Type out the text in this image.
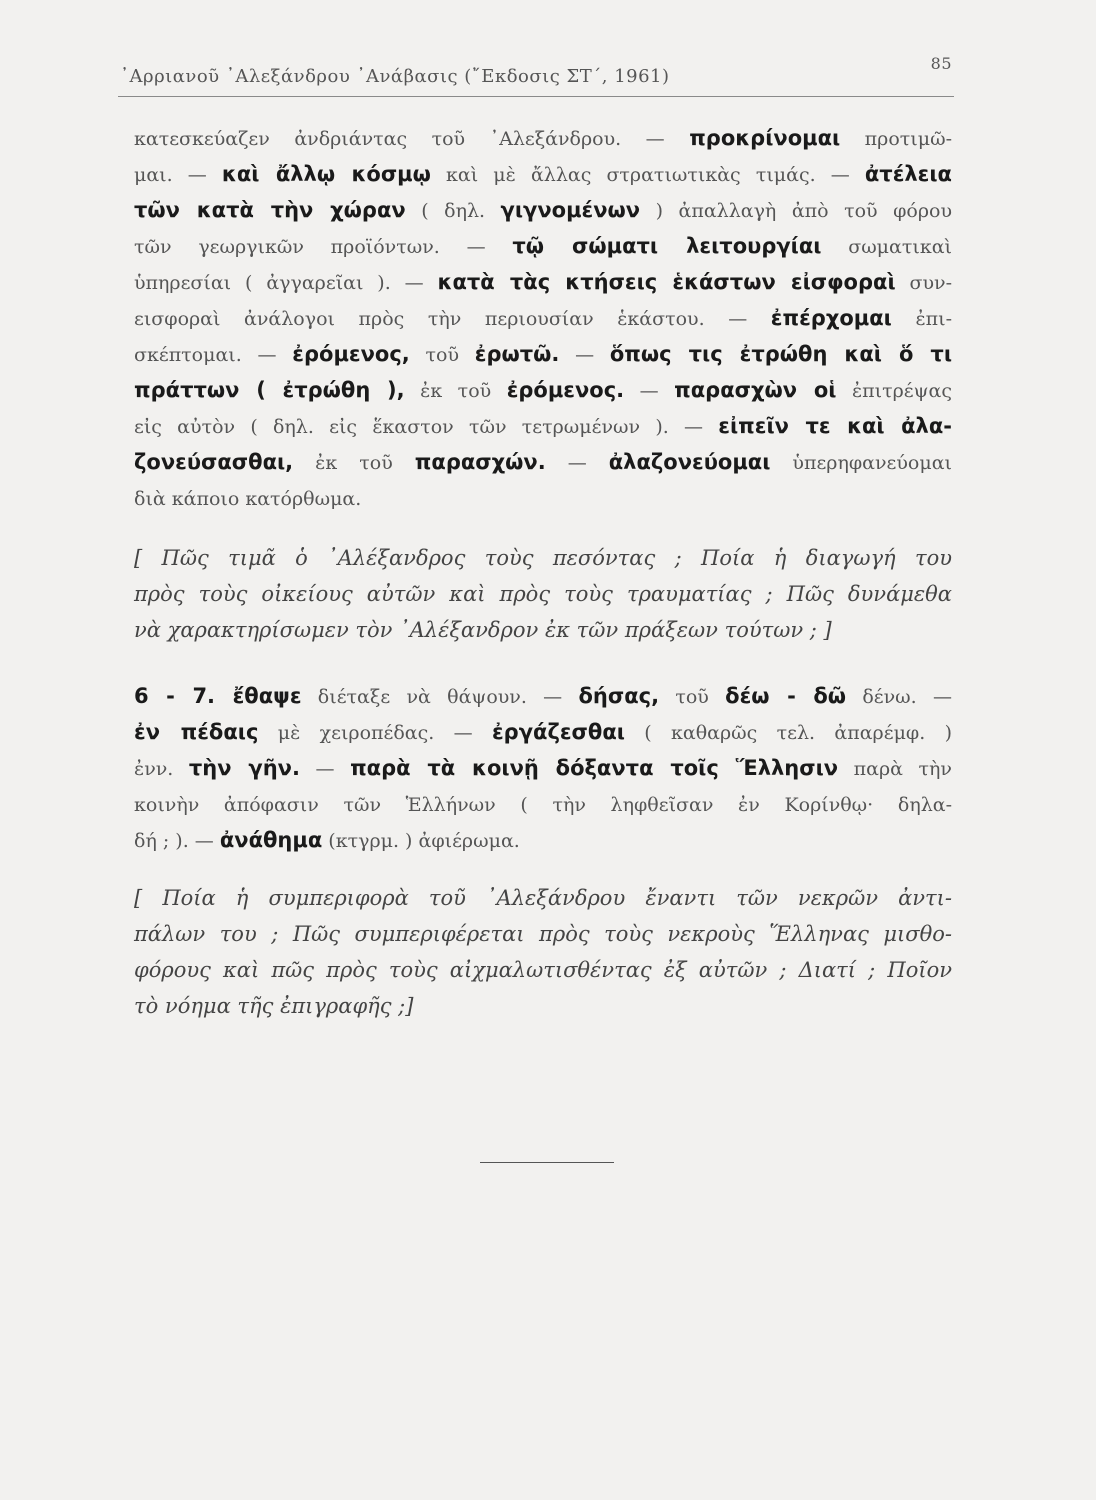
᾿Αρριανοῦ ᾿Αλεξάνδρου ᾿Ανάβασις (῎Εκδοσις ΣΤ΄, 1961)
85
κατεσκεύαζεν ἀνδριάντας τοῦ ᾿Αλεξάνδρου. — προκρίνομαι προτιμῶ-
μαι. — καὶ ἄλλῳ κόσμῳ καὶ μὲ ἄλλας στρατιωτικὰς τιμάς. — ἀτέλεια
τῶν κατὰ τὴν χώραν ( δηλ. γιγνομένων ) ἀπαλλαγὴ ἀπὸ τοῦ φόρου
τῶν γεωργικῶν προϊόντων. — τῷ σώματι λειτουργίαι σωματικαὶ
ὑπηρεσίαι ( ἀγγαρεῖαι ). — κατὰ τὰς κτήσεις ἑκάστων εἰσφοραὶ συν-
εισφοραὶ ἀνάλογοι πρὸς τὴν περιουσίαν ἑκάστου. — ἐπέρχομαι ἐπι-
σκέπτομαι. — ἐρόμενος, τοῦ ἐρωτῶ. — ὅπως τις ἐτρώθη καὶ ὅ τι
πράττων ( ἐτρώθη ), ἐκ τοῦ ἐρόμενος. — παρασχὼν οἱ ἐπιτρέψας
εἰς αὐτὸν ( δηλ. εἰς ἕκαστον τῶν τετρωμένων ). — εἰπεῖν τε καὶ ἀλα-
ζονεύσασθαι, ἐκ τοῦ παρασχών. — ἀλαζονεύομαι ὑπερηφανεύομαι
διὰ κάποιο κατόρθωμα.
[ Πῶς τιμᾶ ὁ ᾿Αλέξανδρος τοὺς πεσόντας ; Ποία ἡ διαγωγή του
πρὸς τοὺς οἰκείους αὐτῶν καὶ πρὸς τοὺς τραυματίας ; Πῶς δυνάμεθα
νὰ χαρακτηρίσωμεν τὸν ᾿Αλέξανδρον ἐκ τῶν πράξεων τούτων ; ]
6 - 7. ἔθαψε διέταξε νὰ θάψουν. — δήσας, τοῦ δέω - δῶ δένω. —
ἐν πέδαις μὲ χειροπέδας. — ἐργάζεσθαι ( καθαρῶς τελ. ἀπαρέμφ. )
ἐνν. τὴν γῆν. — παρὰ τὰ κοινῇ δόξαντα τοῖς Ἕλλησιν παρὰ τὴν
κοινὴν ἀπόφασιν τῶν Ἑλλήνων ( τὴν ληφθεῖσαν ἐν Κορίνθῳ· δηλα-
δή ; ). — ἀνάθημα (κτγρμ. ) ἀφιέρωμα.
[ Ποία ἡ συμπεριφορὰ τοῦ ᾿Αλεξάνδρου ἔναντι τῶν νεκρῶν ἀντι-
πάλων του ; Πῶς συμπεριφέρεται πρὸς τοὺς νεκροὺς Ἕλληνας μισθο-
φόρους καὶ πῶς πρὸς τοὺς αἰχμαλωτισθέντας ἐξ αὐτῶν ; Διατί ; Ποῖον
τὸ νόημα τῆς ἐπιγραφῆς ;]
